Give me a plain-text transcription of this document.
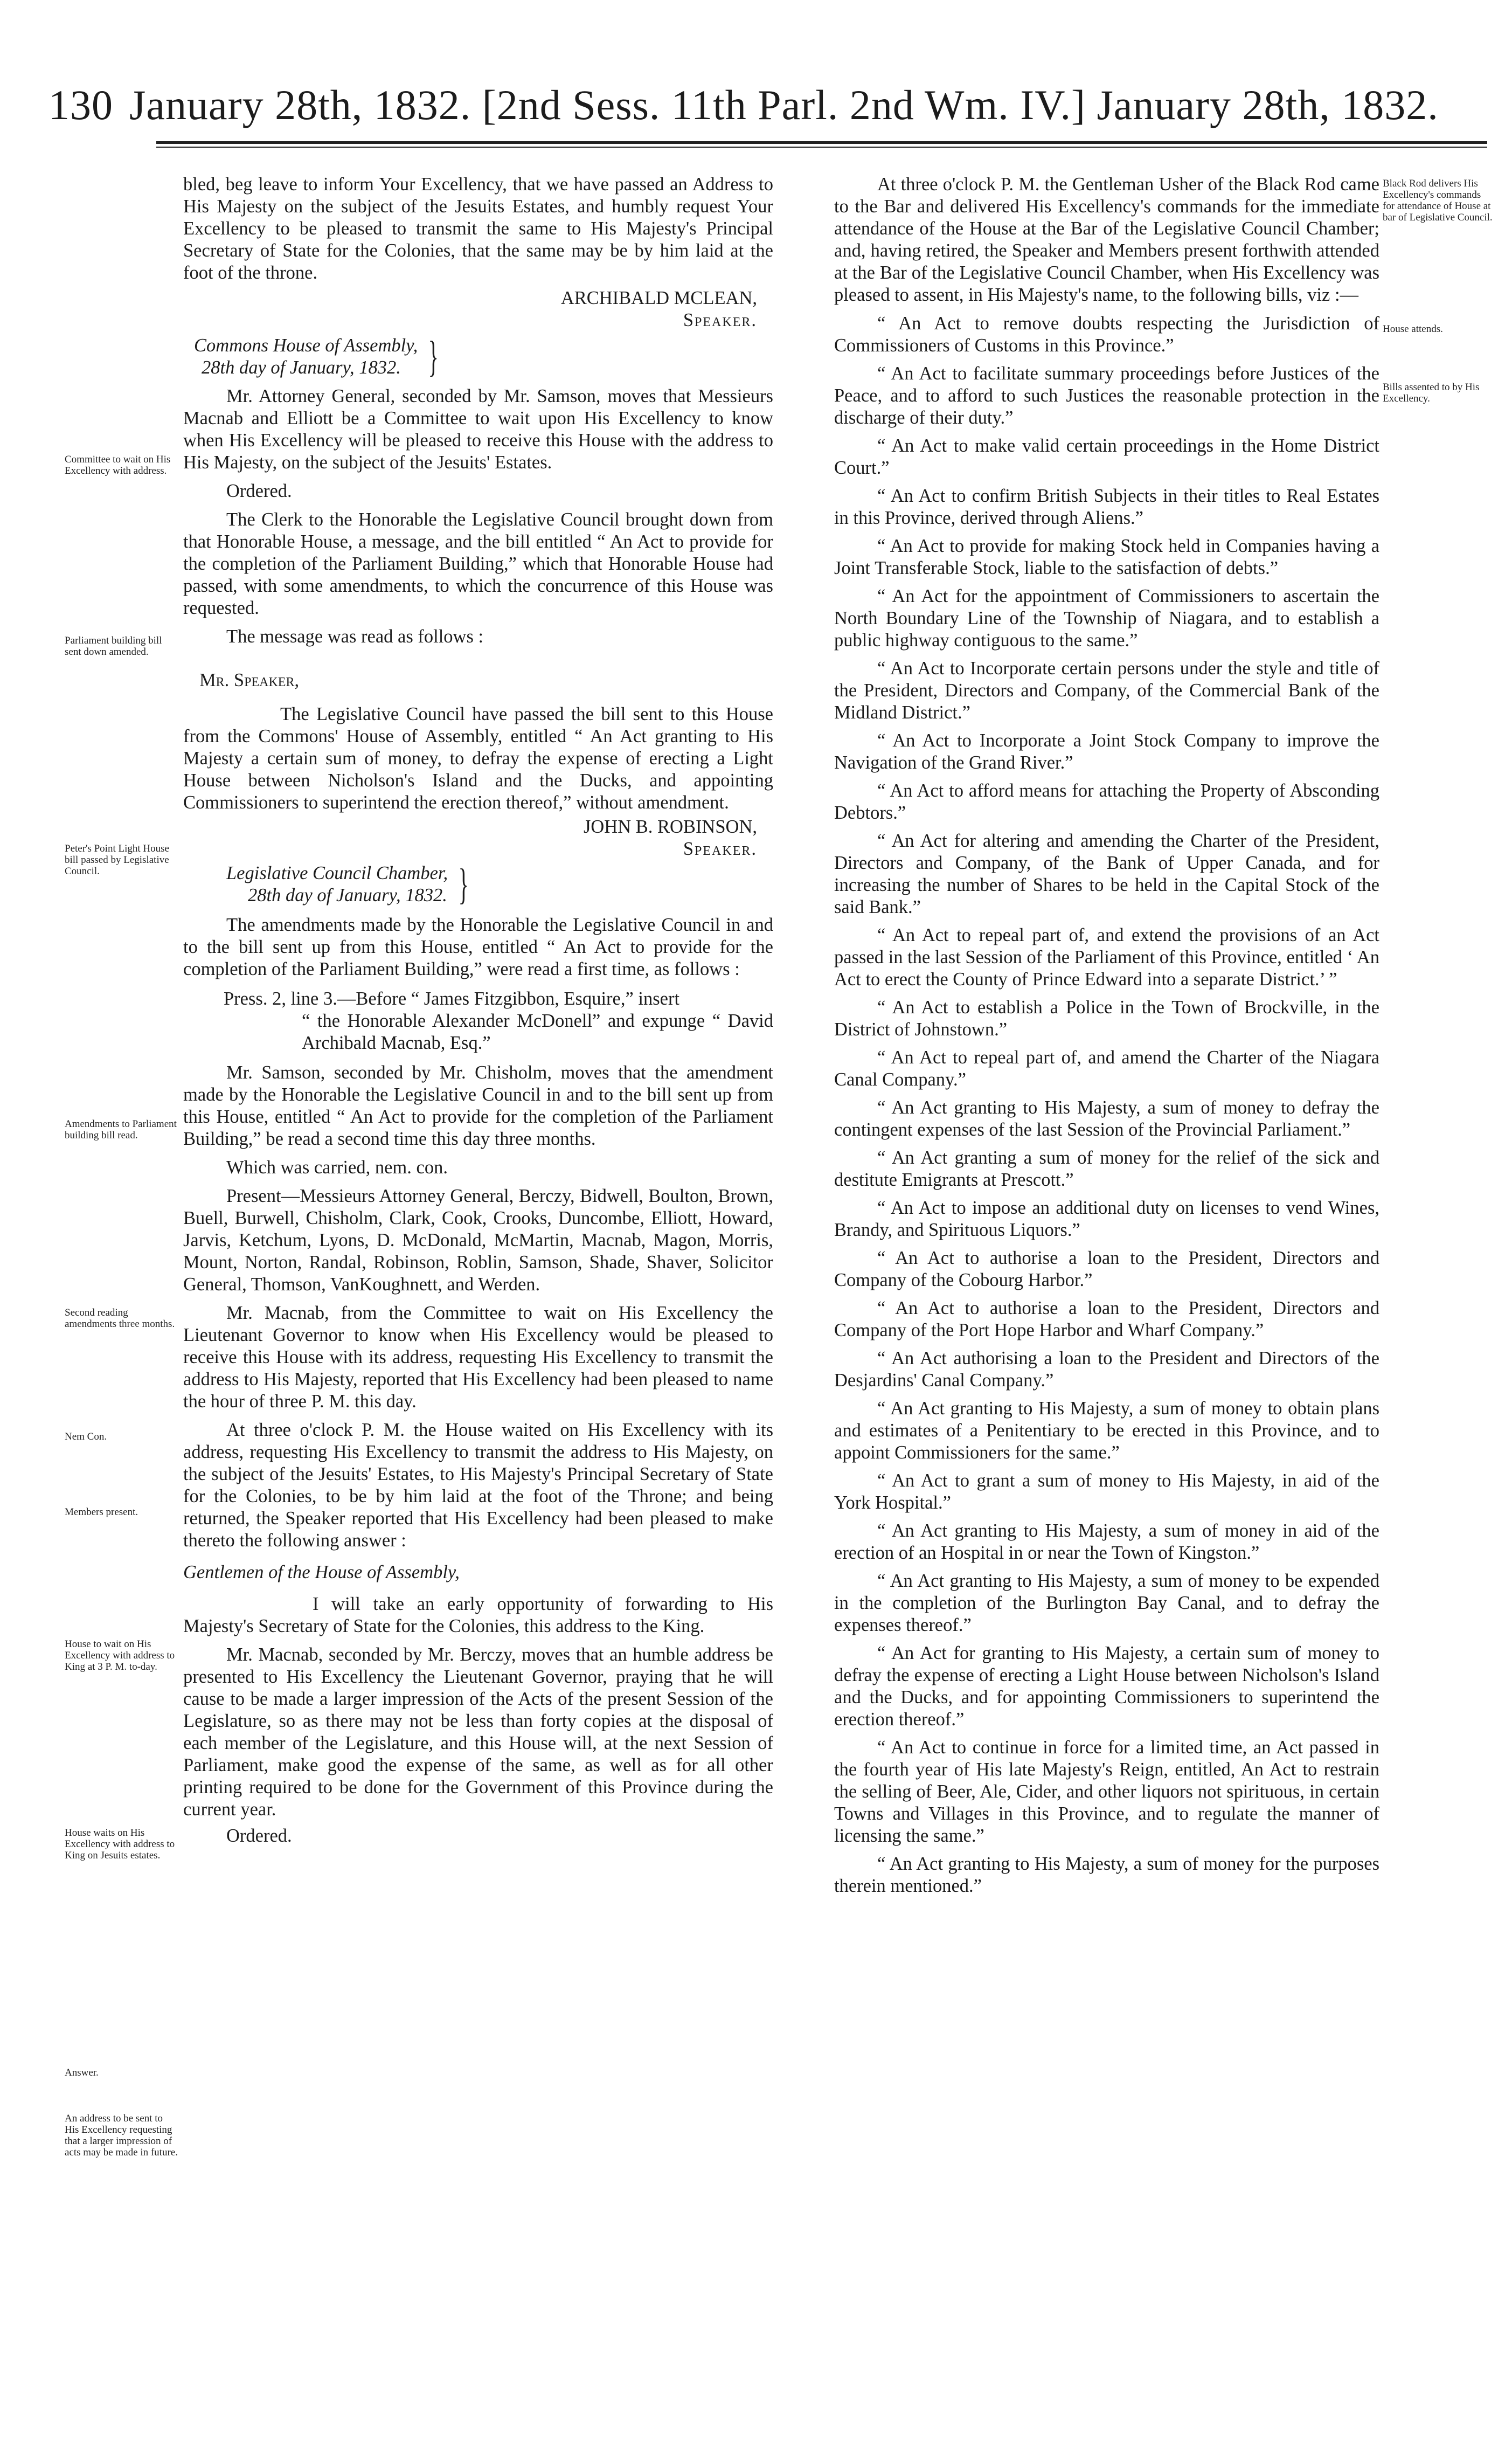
130 January 28th, 1832. [2nd Sess. 11th Parl. 2nd Wm. IV.] January 28th, 1832.

bled, beg leave to inform Your Excellency, that we have passed an Address to His Majesty on the subject of the Jesuits Estates, and humbly request Your Excellency to be pleased to transmit the same to His Majesty's Principal Secretary of State for the Colonies, that the same may be by him laid at the foot of the throne.

ARCHIBALD MCLEAN,

Speaker.

Commons House of Assembly,
28th day of January, 1832. }

Mr. Attorney General, seconded by Mr. Samson, moves that Messieurs Macnab and Elliott be a Committee to wait upon His Excellency to know when His Excellency will be pleased to receive this House with the address to His Majesty, on the subject of the Jesuits' Estates.

Ordered.

The Clerk to the Honorable the Legislative Council brought down from that Honorable House, a message, and the bill entitled “ An Act to provide for the completion of the Parliament Building,” which that Honorable House had passed, with some amendments, to which the concurrence of this House was requested.

The message was read as follows :

Mr. Speaker,

The Legislative Council have passed the bill sent to this House from the Commons' House of Assembly, entitled “ An Act granting to His Majesty a certain sum of money, to defray the expense of erecting a Light House between Nicholson's Island and the Ducks, and appointing Commissioners to superintend the erection thereof,” without amendment.

JOHN B. ROBINSON,

Speaker.

Legislative Council Chamber,
28th day of January, 1832. }

The amendments made by the Honorable the Legislative Council in and to the bill sent up from this House, entitled “ An Act to provide for the completion of the Parliament Building,” were read a first time, as follows :

Press. 2, line 3.—Before “ James Fitzgibbon, Esquire,” insert

“ the Honorable Alexander McDonell” and expunge “ David Archibald Macnab, Esq.”

Mr. Samson, seconded by Mr. Chisholm, moves that the amendment made by the Honorable the Legislative Council in and to the bill sent up from this House, entitled “ An Act to provide for the completion of the Parliament Building,” be read a second time this day three months.

Which was carried, nem. con.

Present—Messieurs Attorney General, Berczy, Bidwell, Boulton, Brown, Buell, Burwell, Chisholm, Clark, Cook, Crooks, Duncombe, Elliott, Howard, Jarvis, Ketchum, Lyons, D. McDonald, McMartin, Macnab, Magon, Morris, Mount, Norton, Randal, Robinson, Roblin, Samson, Shade, Shaver, Solicitor General, Thomson, VanKoughnett, and Werden.

Mr. Macnab, from the Committee to wait on His Excellency the Lieutenant Governor to know when His Excellency would be pleased to receive this House with its address, requesting His Excellency to transmit the address to His Majesty, reported that His Excellency had been pleased to name the hour of three P. M. this day.

At three o'clock P. M. the House waited on His Excellency with its address, requesting His Excellency to transmit the address to His Majesty, on the subject of the Jesuits' Estates, to His Majesty's Principal Secretary of State for the Colonies, to be by him laid at the foot of the Throne; and being returned, the Speaker reported that His Excellency had been pleased to make thereto the following answer :

Gentlemen of the House of Assembly,

I will take an early opportunity of forwarding to His Majesty's Secretary of State for the Colonies, this address to the King.

Mr. Macnab, seconded by Mr. Berczy, moves that an humble address be presented to His Excellency the Lieutenant Governor, praying that he will cause to be made a larger impression of the Acts of the present Session of the Legislature, so as there may not be less than forty copies at the disposal of each member of the Legislature, and this House will, at the next Session of Parliament, make good the expense of the same, as well as for all other printing required to be done for the Government of this Province during the current year.

Ordered.

At three o'clock P. M. the Gentleman Usher of the Black Rod came to the Bar and delivered His Excellency's commands for the immediate attendance of the House at the Bar of the Legislative Council Chamber; and, having retired, the Speaker and Members present forthwith attended at the Bar of the Legislative Council Chamber, when His Excellency was pleased to assent, in His Majesty's name, to the following bills, viz :—

“ An Act to remove doubts respecting the Jurisdiction of Commissioners of Customs in this Province.”

“ An Act to facilitate summary proceedings before Justices of the Peace, and to afford to such Justices the reasonable protection in the discharge of their duty.”

“ An Act to make valid certain proceedings in the Home District Court.”

“ An Act to confirm British Subjects in their titles to Real Estates in this Province, derived through Aliens.”

“ An Act to provide for making Stock held in Companies having a Joint Transferable Stock, liable to the satisfaction of debts.”

“ An Act for the appointment of Commissioners to ascertain the North Boundary Line of the Township of Niagara, and to establish a public highway contiguous to the same.”

“ An Act to Incorporate certain persons under the style and title of the President, Directors and Company, of the Commercial Bank of the Midland District.”

“ An Act to Incorporate a Joint Stock Company to improve the Navigation of the Grand River.”

“ An Act to afford means for attaching the Property of Absconding Debtors.”

“ An Act for altering and amending the Charter of the President, Directors and Company, of the Bank of Upper Canada, and for increasing the number of Shares to be held in the Capital Stock of the said Bank.”

“ An Act to repeal part of, and extend the provisions of an Act passed in the last Session of the Parliament of this Province, entitled ‘ An Act to erect the County of Prince Edward into a separate District.’ ”

“ An Act to establish a Police in the Town of Brockville, in the District of Johnstown.”

“ An Act to repeal part of, and amend the Charter of the Niagara Canal Company.”

“ An Act granting to His Majesty, a sum of money to defray the contingent expenses of the last Session of the Provincial Parliament.”

“ An Act granting a sum of money for the relief of the sick and destitute Emigrants at Prescott.”

“ An Act to impose an additional duty on licenses to vend Wines, Brandy, and Spirituous Liquors.”

“ An Act to authorise a loan to the President, Directors and Company of the Cobourg Harbor.”

“ An Act to authorise a loan to the President, Directors and Company of the Port Hope Harbor and Wharf Company.”

“ An Act authorising a loan to the President and Directors of the Desjardins' Canal Company.”

“ An Act granting to His Majesty, a sum of money to obtain plans and estimates of a Penitentiary to be erected in this Province, and to appoint Commissioners for the same.”

“ An Act to grant a sum of money to His Majesty, in aid of the York Hospital.”

“ An Act granting to His Majesty, a sum of money in aid of the erection of an Hospital in or near the Town of Kingston.”

“ An Act granting to His Majesty, a sum of money to be expended in the completion of the Burlington Bay Canal, and to defray the expenses thereof.”

“ An Act for granting to His Majesty, a certain sum of money to defray the expense of erecting a Light House between Nicholson's Island and the Ducks, and for appointing Commissioners to superintend the erection thereof.”

“ An Act to continue in force for a limited time, an Act passed in the fourth year of His late Majesty's Reign, entitled, An Act to restrain the selling of Beer, Ale, Cider, and other liquors not spirituous, in certain Towns and Villages in this Province, and to regulate the manner of licensing the same.”

“ An Act granting to His Majesty, a sum of money for the purposes therein mentioned.”

Committee to wait on His Excellency with address.
Parliament building bill sent down amended.
Peter's Point Light House bill passed by Legislative Council.
Amendments to Parliament building bill read.
Second reading amendments three months.
Nem Con.
Members present.
House to wait on His Excellency with address to King at 3 P. M. to-day.
House waits on His Excellency with address to King on Jesuits estates.
Answer.
An address to be sent to His Excellency requesting that a larger impression of acts may be made in future.
Black Rod delivers His Excellency's commands for attendance of House at bar of Legislative Council.
House attends.
Bills assented to by His Excellency.
